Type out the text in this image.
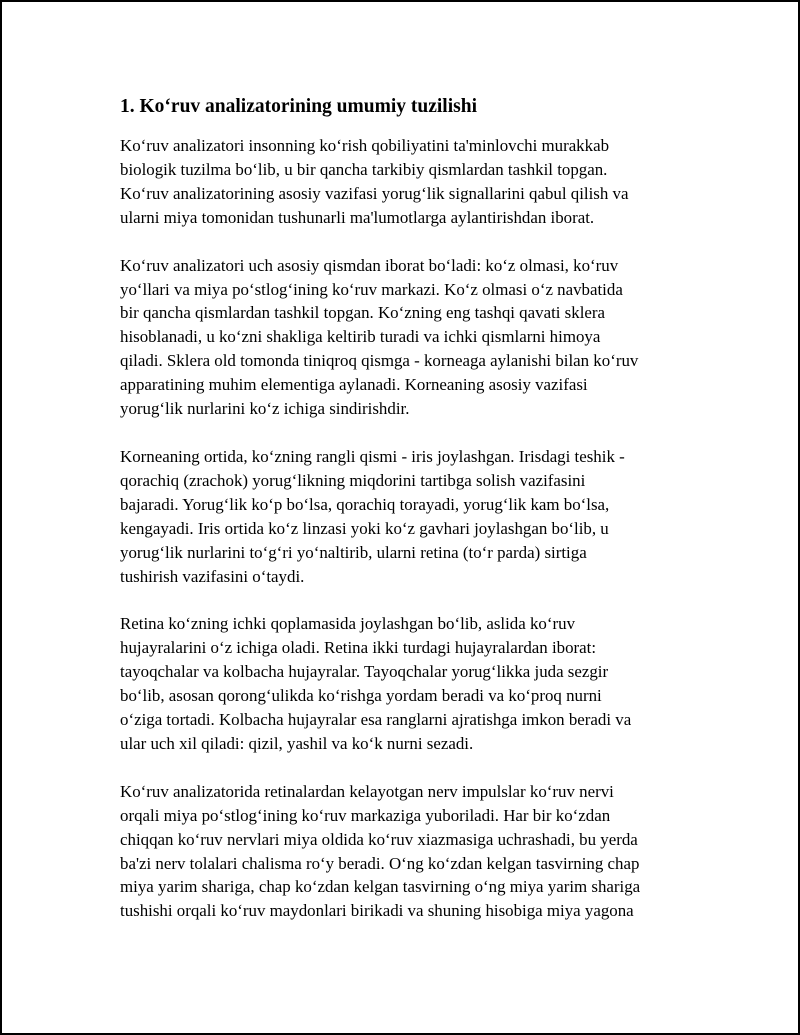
1. Ko‘ruv analizatorining umumiy tuzilishi
Ko‘ruv analizatori insonning ko‘rish qobiliyatini ta'minlovchi murakkab
biologik tuzilma bo‘lib, u bir qancha tarkibiy qismlardan tashkil topgan.
Ko‘ruv analizatorining asosiy vazifasi yorug‘lik signallarini qabul qilish va
ularni miya tomonidan tushunarli ma'lumotlarga aylantirishdan iborat.
Ko‘ruv analizatori uch asosiy qismdan iborat bo‘ladi: ko‘z olmasi, ko‘ruv
yo‘llari va miya po‘stlog‘ining ko‘ruv markazi. Ko‘z olmasi o‘z navbatida
bir qancha qismlardan tashkil topgan. Ko‘zning eng tashqi qavati sklera
hisoblanadi, u ko‘zni shakliga keltirib turadi va ichki qismlarni himoya
qiladi. Sklera old tomonda tiniqroq qismga - korneaga aylanishi bilan ko‘ruv
apparatining muhim elementiga aylanadi. Korneaning asosiy vazifasi
yorug‘lik nurlarini ko‘z ichiga sindirishdir.
Korneaning ortida, ko‘zning rangli qismi - iris joylashgan. Irisdagi teshik -
qorachiq (zrachok) yorug‘likning miqdorini tartibga solish vazifasini
bajaradi. Yorug‘lik ko‘p bo‘lsa, qorachiq torayadi, yorug‘lik kam bo‘lsa,
kengayadi. Iris ortida ko‘z linzasi yoki ko‘z gavhari joylashgan bo‘lib, u
yorug‘lik nurlarini to‘g‘ri yo‘naltirib, ularni retina (to‘r parda) sirtiga
tushirish vazifasini o‘taydi.
Retina ko‘zning ichki qoplamasida joylashgan bo‘lib, aslida ko‘ruv
hujayralarini o‘z ichiga oladi. Retina ikki turdagi hujayralardan iborat:
tayoqchalar va kolbacha hujayralar. Tayoqchalar yorug‘likka juda sezgir
bo‘lib, asosan qorong‘ulikda ko‘rishga yordam beradi va ko‘proq nurni
o‘ziga tortadi. Kolbacha hujayralar esa ranglarni ajratishga imkon beradi va
ular uch xil qiladi: qizil, yashil va ko‘k nurni sezadi.
Ko‘ruv analizatorida retinalardan kelayotgan nerv impulslar ko‘ruv nervi
orqali miya po‘stlog‘ining ko‘ruv markaziga yuboriladi. Har bir ko‘zdan
chiqqan ko‘ruv nervlari miya oldida ko‘ruv xiazmasiga uchrashadi, bu yerda
ba'zi nerv tolalari chalisma ro‘y beradi. O‘ng ko‘zdan kelgan tasvirning chap
miya yarim shariga, chap ko‘zdan kelgan tasvirning o‘ng miya yarim shariga
tushishi orqali ko‘ruv maydonlari birikadi va shuning hisobiga miya yagona
